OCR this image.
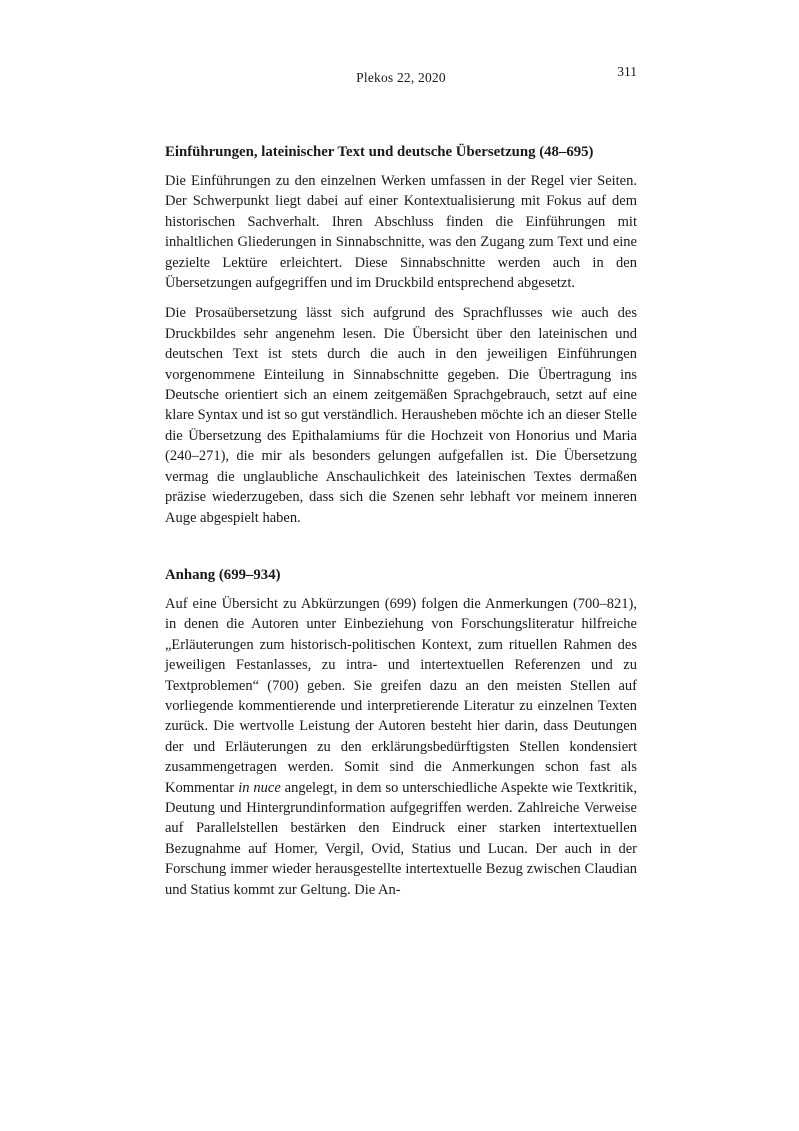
Plekos 22, 2020	311
Einführungen, lateinischer Text und deutsche Übersetzung (48–695)

Die Einführungen zu den einzelnen Werken umfassen in der Regel vier Seiten. Der Schwerpunkt liegt dabei auf einer Kontextualisierung mit Fokus auf dem historischen Sachverhalt. Ihren Abschluss finden die Einführungen mit inhaltlichen Gliederungen in Sinnabschnitte, was den Zugang zum Text und eine gezielte Lektüre erleichtert. Diese Sinnabschnitte werden auch in den Übersetzungen aufgegriffen und im Druckbild entsprechend abgesetzt.

Die Prosaübersetzung lässt sich aufgrund des Sprachflusses wie auch des Druckbildes sehr angenehm lesen. Die Übersicht über den lateinischen und deutschen Text ist stets durch die auch in den jeweiligen Einführungen vorgenommene Einteilung in Sinnabschnitte gegeben. Die Übertragung ins Deutsche orientiert sich an einem zeitgemäßen Sprachgebrauch, setzt auf eine klare Syntax und ist so gut verständlich. Herausheben möchte ich an dieser Stelle die Übersetzung des Epithalamiums für die Hochzeit von Honorius und Maria (240–271), die mir als besonders gelungen aufgefallen ist. Die Übersetzung vermag die unglaubliche Anschaulichkeit des lateinischen Textes dermaßen präzise wiederzugeben, dass sich die Szenen sehr lebhaft vor meinem inneren Auge abgespielt haben.

Anhang (699–934)

Auf eine Übersicht zu Abkürzungen (699) folgen die Anmerkungen (700–821), in denen die Autoren unter Einbeziehung von Forschungsliteratur hilfreiche „Erläuterungen zum historisch-politischen Kontext, zum rituellen Rahmen des jeweiligen Festanlasses, zu intra- und intertextuellen Referenzen und zu Textproblemen“ (700) geben. Sie greifen dazu an den meisten Stellen auf vorliegende kommentierende und interpretierende Literatur zu einzelnen Texten zurück. Die wertvolle Leistung der Autoren besteht hier darin, dass Deutungen der und Erläuterungen zu den erklärungsbedürftigsten Stellen kondensiert zusammengetragen werden. Somit sind die Anmerkungen schon fast als Kommentar in nuce angelegt, in dem so unterschiedliche Aspekte wie Textkritik, Deutung und Hintergrundinformation aufgegriffen werden. Zahlreiche Verweise auf Parallelstellen bestärken den Eindruck einer starken intertextuellen Bezugnahme auf Homer, Vergil, Ovid, Statius und Lucan. Der auch in der Forschung immer wieder herausgestellte intertextuelle Bezug zwischen Claudian und Statius kommt zur Geltung. Die An-
